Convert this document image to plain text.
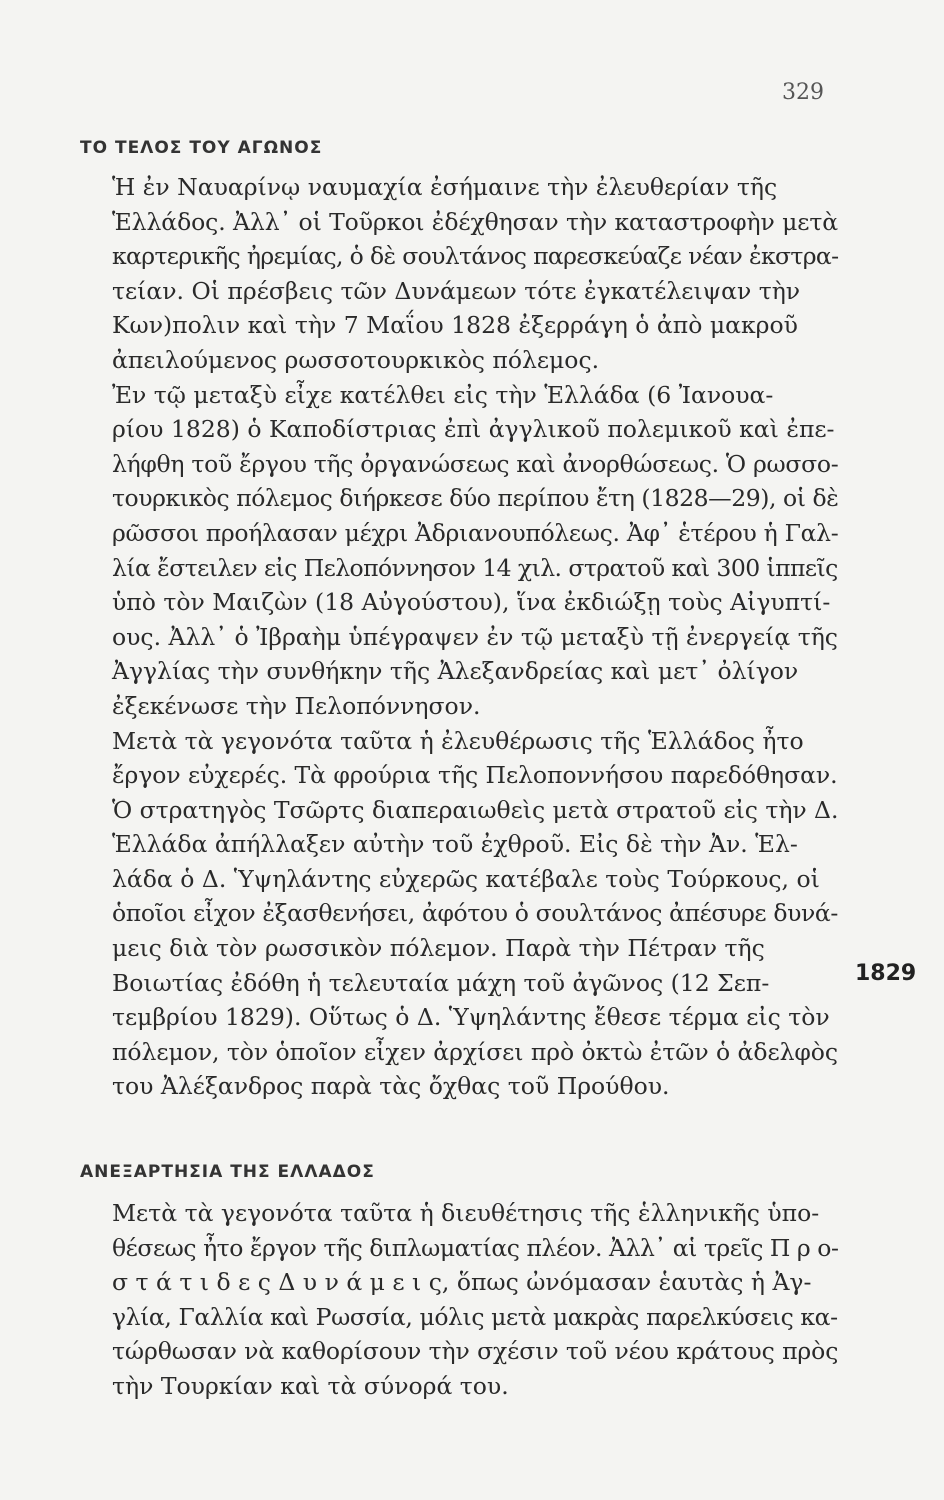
329
ΤΟ ΤΕΛΟΣ ΤΟΥ ΑΓΩΝΟΣ

Ἡ ἐν Ναυαρίνῳ ναυμαχία ἐσήμαινε τὴν ἐλευθερίαν τῆς
Ἑλλάδος. Ἀλλ᾽ οἱ Τοῦρκοι ἐδέχθησαν τὴν καταστροφὴν μετὰ
καρτερικῆς ἠρεμίας, ὁ δὲ σουλτάνος παρεσκεύαζε νέαν ἐκστρα-
τείαν. Οἱ πρέσβεις τῶν Δυνάμεων τότε ἐγκατέλειψαν τὴν
Κων)πολιν καὶ τὴν 7 Μαΐου 1828 ἐξερράγη ὁ ἀπὸ μακροῦ
ἀπειλούμενος ρωσσοτουρκικὸς πόλεμος.

Ἐν τῷ μεταξὺ εἶχε κατέλθει εἰς τὴν Ἑλλάδα (6 Ἰανουα-
ρίου 1828) ὁ Καποδίστριας ἐπὶ ἀγγλικοῦ πολεμικοῦ καὶ ἐπε-
λήφθη τοῦ ἔργου τῆς ὀργανώσεως καὶ ἀνορθώσεως. Ὁ ρωσσο-
τουρκικὸς πόλεμος διήρκεσε δύο περίπου ἔτη (1828—29), οἱ δὲ
ρῶσσοι προήλασαν μέχρι Ἀδριανουπόλεως. Ἀφ᾽ ἑτέρου ἡ Γαλ-
λία ἔστειλεν εἰς Πελοπόννησον 14 χιλ. στρατοῦ καὶ 300 ἱππεῖς
ὑπὸ τὸν Μαιζὼν (18 Αὐγούστου), ἵνα ἐκδιώξῃ τοὺς Αἰγυπτί-
ους. Ἀλλ᾽ ὁ Ἰβραὴμ ὑπέγραψεν ἐν τῷ μεταξὺ τῇ ἐνεργείᾳ τῆς
Ἀγγλίας τὴν συνθήκην τῆς Ἀλεξανδρείας καὶ μετ᾽ ὀλίγον
ἐξεκένωσε τὴν Πελοπόννησον.

Μετὰ τὰ γεγονότα ταῦτα ἡ ἐλευθέρωσις τῆς Ἑλλάδος ἦτο
ἔργον εὐχερές. Τὰ φρούρια τῆς Πελοποννήσου παρεδόθησαν.
Ὁ στρατηγὸς Τσῶρτς διαπεραιωθεὶς μετὰ στρατοῦ εἰς τὴν Δ.
Ἑλλάδα ἀπήλλαξεν αὐτὴν τοῦ ἐχθροῦ. Εἰς δὲ τὴν Ἀν. Ἑλ-
λάδα ὁ Δ. Ὑψηλάντης εὐχερῶς κατέβαλε τοὺς Τούρκους, οἱ
ὁποῖοι εἶχον ἐξασθενήσει, ἀφότου ὁ σουλτάνος ἀπέσυρε δυνά-
μεις διὰ τὸν ρωσσικὸν πόλεμον. Παρὰ τὴν Πέτραν τῆς
Βοιωτίας ἐδόθη ἡ τελευταία μάχη τοῦ ἀγῶνος (12 Σεπ-
τεμβρίου 1829). Οὕτως ὁ Δ. Ὑψηλάντης ἔθεσε τέρμα εἰς τὸν
πόλεμον, τὸν ὁποῖον εἶχεν ἀρχίσει πρὸ ὀκτὼ ἐτῶν ὁ ἀδελφὸς
του Ἀλέξανδρος παρὰ τὰς ὄχθας τοῦ Προύθου.

1829
ΑΝΕΞΑΡΤΗΣΙΑ ΤΗΣ ΕΛΛΑΔΟΣ

Μετὰ τὰ γεγονότα ταῦτα ἡ διευθέτησις τῆς ἑλληνικῆς ὑπο-
θέσεως ἦτο ἔργον τῆς διπλωματίας πλέον. Ἀλλ᾽ αἱ τρεῖς Π ρ ο-
σ τ ά τ ι δ ε ς Δ υ ν ά μ ε ι ς, ὅπως ὠνόμασαν ἑαυτὰς ἡ Ἀγ-
γλία, Γαλλία καὶ Ρωσσία, μόλις μετὰ μακρὰς παρελκύσεις κα-
τώρθωσαν νὰ καθορίσουν τὴν σχέσιν τοῦ νέου κράτους πρὸς
τὴν Τουρκίαν καὶ τὰ σύνορά του.
